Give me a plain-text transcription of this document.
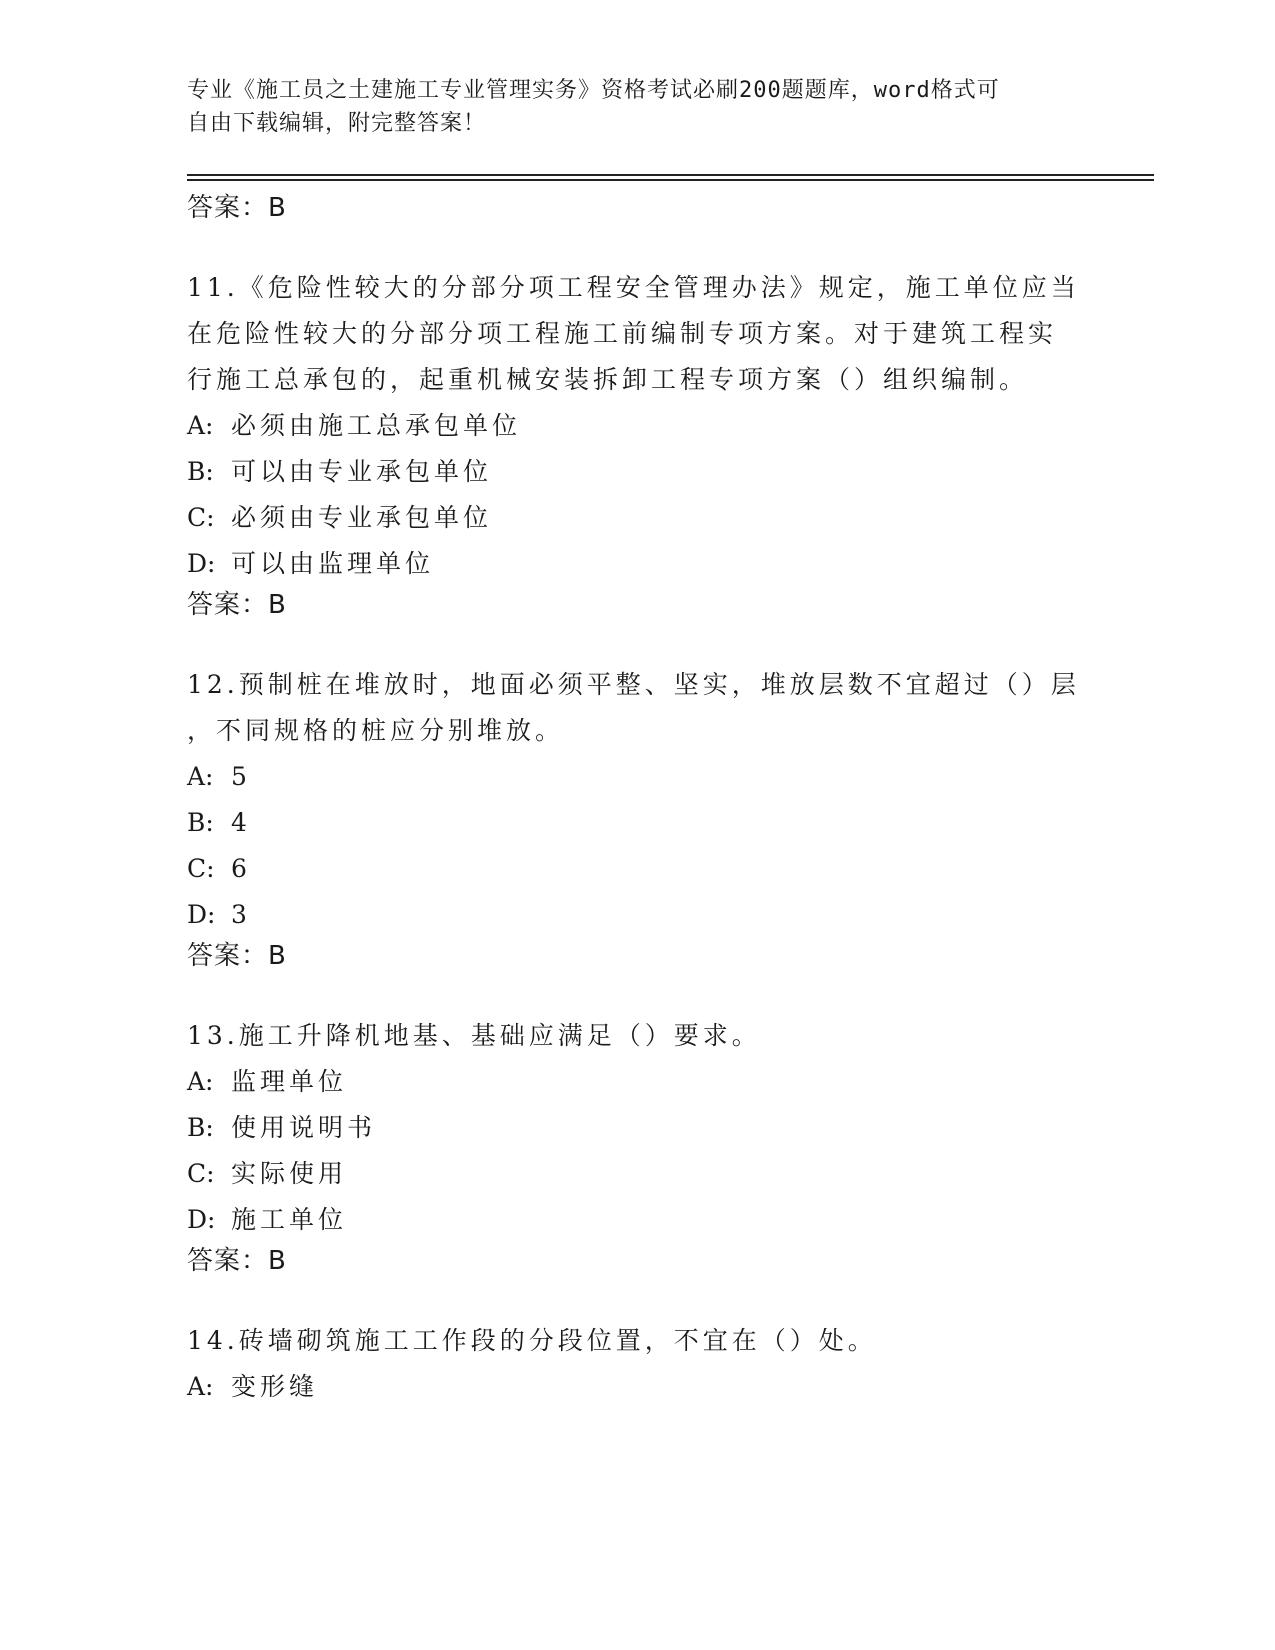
专业《施工员之土建施工专业管理实务》资格考试必刷200题题库，word格式可
自由下载编辑，附完整答案！
答案：B
11.《危险性较大的分部分项工程安全管理办法》规定，施工单位应当
在危险性较大的分部分项工程施工前编制专项方案。对于建筑工程实
行施工总承包的，起重机械安装拆卸工程专项方案（）组织编制。
A: 必须由施工总承包单位
B: 可以由专业承包单位
C: 必须由专业承包单位
D: 可以由监理单位
答案：B
12.预制桩在堆放时，地面必须平整、坚实，堆放层数不宜超过（）层
，不同规格的桩应分别堆放。
A: 5
B: 4
C: 6
D: 3
答案：B
13.施工升降机地基、基础应满足（）要求。
A: 监理单位
B: 使用说明书
C: 实际使用
D: 施工单位
答案：B
14.砖墙砌筑施工工作段的分段位置，不宜在（）处。
A: 变形缝
